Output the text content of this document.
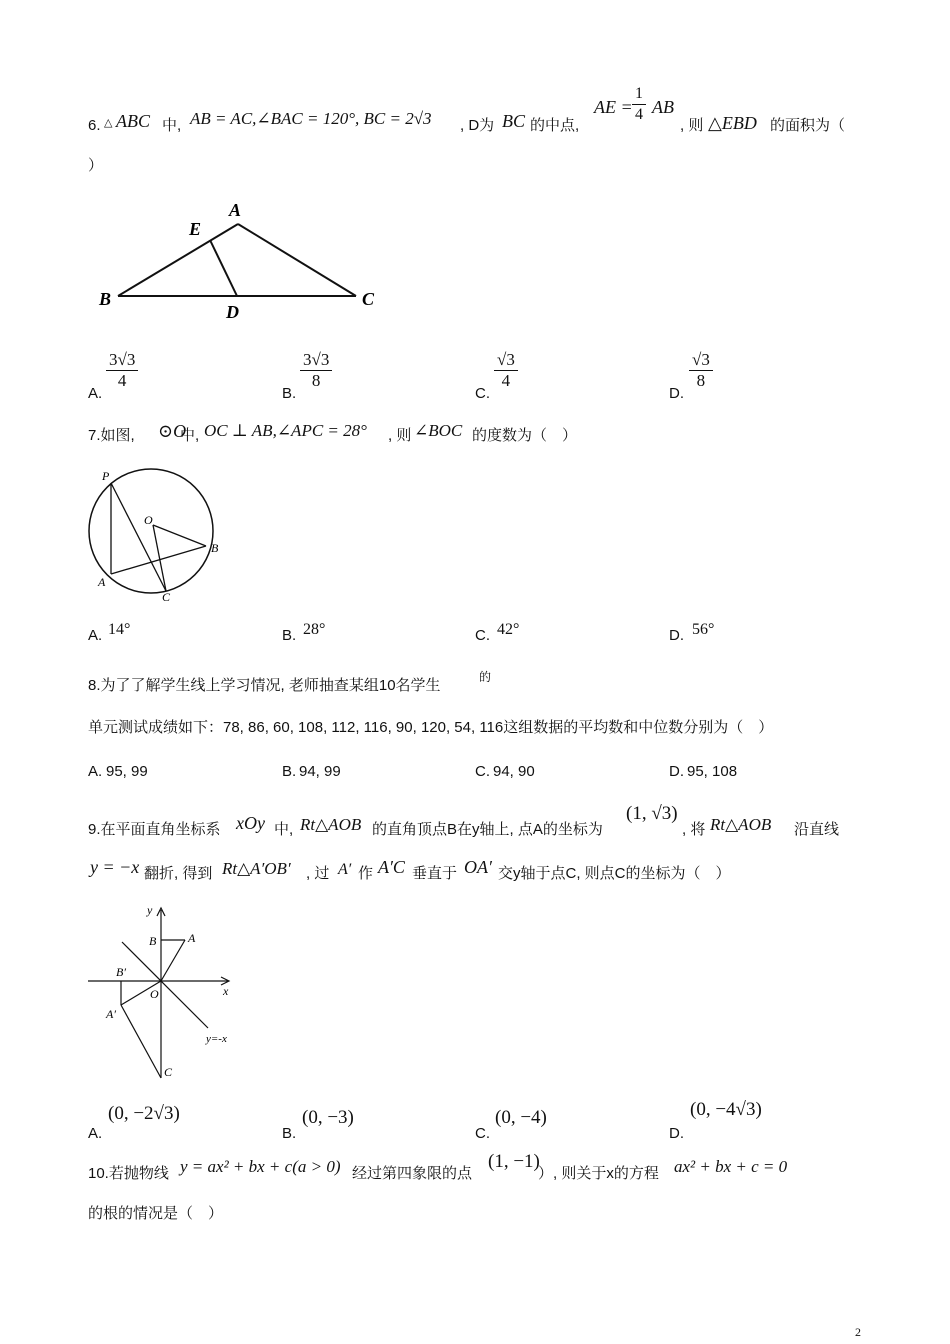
6. △ ABC 中, AB = AC,∠BAC = 120°, BC = 2√3 , D为 BC 的中点,
AE = $\frac{1}{4}$ AB
, 则 △EBD 的面积为（
）
A
E
B
D
C
A.
$\frac{3√3}{4}$
B.
$\frac{3√3}{8}$
C.
$\frac{√3}{4}$
D.
$\frac{√3}{8}$
7.如图, ⊙O
中, OC ⊥ AB,∠APC = 28° , 则 ∠BOC 的度数为（　）
P
O
B
A
C
A. 14°	B. 28°	C. 42°	D. 56°
8.为了了解学生线上学习情况, 老师抽查某组10名学生	的
单元测试成绩如下：78, 86, 60, 108, 112, 116, 90, 120, 54, 116这组数据的平均数和中位数分别为（　）
A. 95, 99	B. 94, 99	C. 94, 90	D. 95, 108
9.在平面直角坐标系 xOy 中, Rt△AOB 的直角顶点B在y轴上, 点A的坐标为
(1, √3)
, 将 Rt△AOB 沿直线
y = −x 翻折, 得到 Rt△A′OB′ , 过 A′ 作 A′C 垂直于 OA′ 交y轴于点C, 则点C的坐标为（　）
y
x
B	A
B′
O
A′
y=-x
C
A.
(0, −2√3)
B.
(0, −3)
C.
(0, −4)
D.
(0, −4√3)
10.若抛物线 y = ax² + bx + c(a > 0) 经过第四象限的点
(1, −1)
）, 则关于x的方程 ax² + bx + c = 0
的根的情况是（　）
2
